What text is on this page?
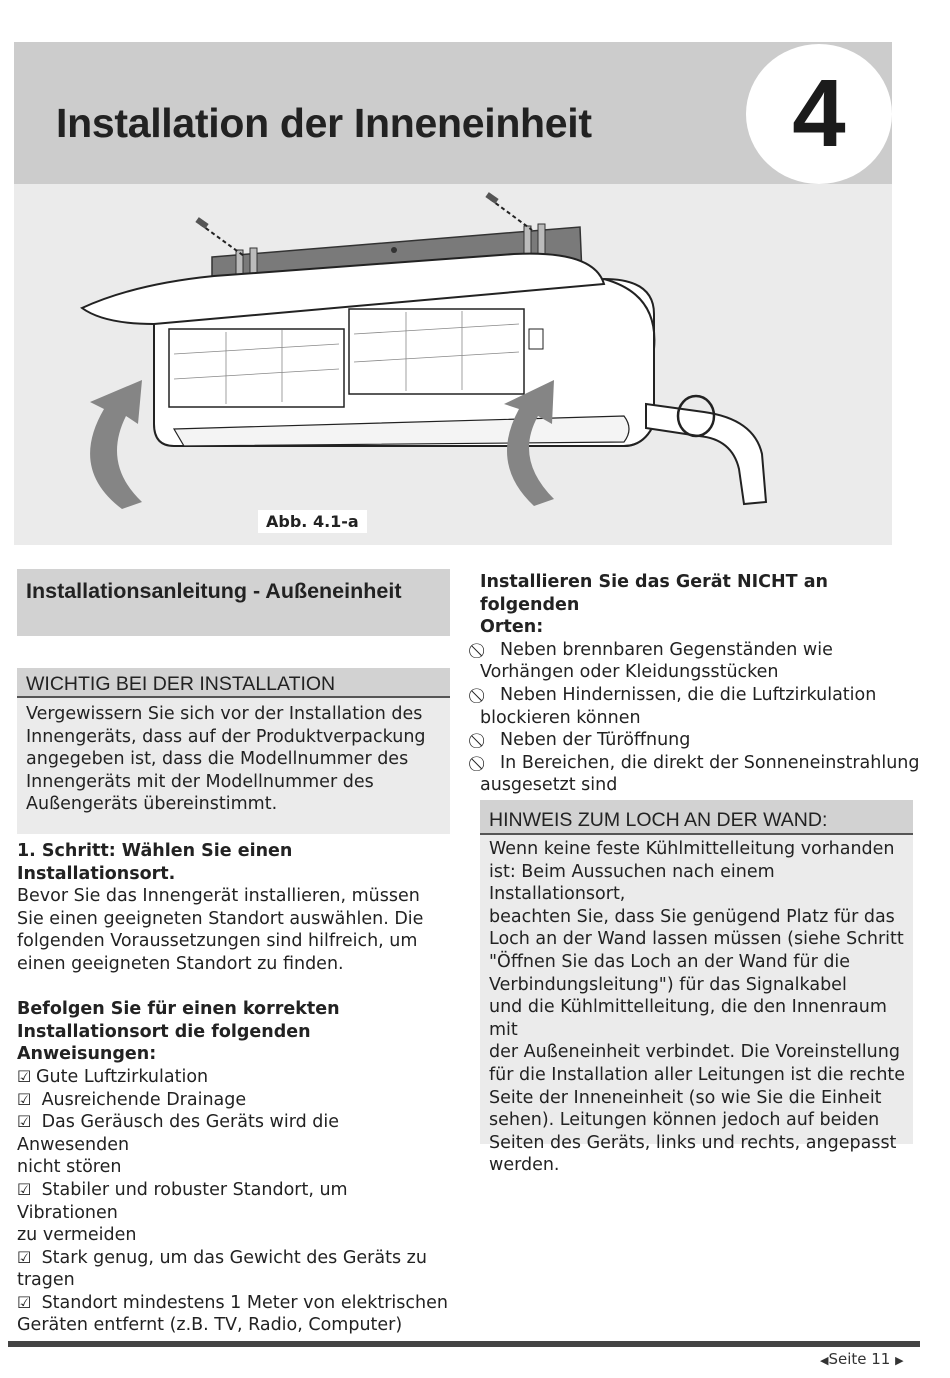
Installation der Inneneinheit 4
Abb. 4.1-a
Installationsanleitung - Außeneinheit
WICHTIG BEI DER INSTALLATION
Vergewissern Sie sich vor der Installation des
Innengeräts, dass auf der Produktverpackung
angegeben ist, dass die Modellnummer des
Innengeräts mit der Modellnummer des
Außengeräts übereinstimmt.

1. Schritt: Wählen Sie einen Installationsort.

Bevor Sie das Innengerät installieren, müssen

Sie einen geeigneten Standort auswählen. Die

folgenden Voraussetzungen sind hilfreich, um

einen geeigneten Standort zu finden.

Befolgen Sie für einen korrekten

Installationsort die folgenden Anweisungen:

☑ Gute Luftzirkulation

☑ Ausreichende Drainage

☑ Das Geräusch des Geräts wird die Anwesenden

nicht stören

☑ Stabiler und robuster Standort, um Vibrationen

zu vermeiden

☑ Stark genug, um das Gewicht des Geräts zu

tragen

☑ Standort mindestens 1 Meter von elektrischen

Geräten entfernt (z.B. TV, Radio, Computer)

Installieren Sie das Gerät NICHT an folgenden

Orten:

Neben brennbaren Gegenständen wie

Vorhängen oder Kleidungsstücken

Neben Hindernissen, die die Luftzirkulation

blockieren können

Neben der Türöffnung

In Bereichen, die direkt der Sonneneinstrahlung

ausgesetzt sind

HINWEIS ZUM LOCH AN DER WAND:
Wenn keine feste Kühlmittelleitung vorhanden
ist: Beim Aussuchen nach einem Installationsort,
beachten Sie, dass Sie genügend Platz für das
Loch an der Wand lassen müssen (siehe Schritt
"Öffnen Sie das Loch an der Wand für die
Verbindungsleitung") für das Signalkabel
und die Kühlmittelleitung, die den Innenraum mit
der Außeneinheit verbindet. Die Voreinstellung
für die Installation aller Leitungen ist die rechte
Seite der Inneneinheit (so wie Sie die Einheit
sehen). Leitungen können jedoch auf beiden
Seiten des Geräts, links und rechts, angepasst
werden.
◀Seite 11 ▶
